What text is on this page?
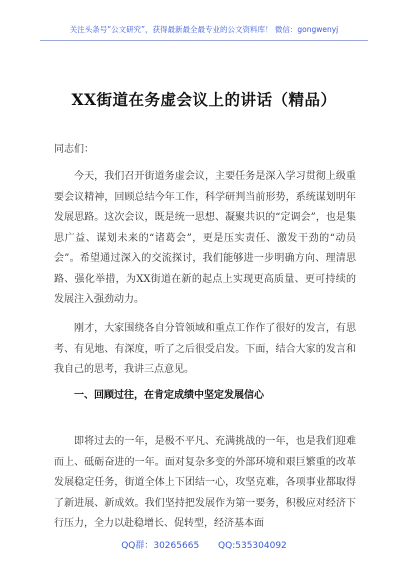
关注头条号“公文研究”，获得最新最全最专业的公文资料库！ 微信：gongwenyj
XX街道在务虚会议上的讲话（精品）

同志们：

今天，我们召开街道务虚会议，主要任务是深入学习贯彻上级重要会议精神，回顾总结今年工作，科学研判当前形势，系统谋划明年发展思路。这次会议，既是统一思想、凝聚共识的“定调会”，也是集思广益、谋划未来的“诸葛会”，更是压实责任、激发干劲的“动员会”。希望通过深入的交流探讨，我们能够进一步明确方向、理清思路、强化举措，为XX街道在新的起点上实现更高质量、更可持续的发展注入强劲动力。

刚才，大家围绕各自分管领域和重点工作作了很好的发言，有思考、有见地、有深度，听了之后很受启发。下面，结合大家的发言和我自己的思考，我讲三点意见。

一、回顾过往，在肯定成绩中坚定发展信心

即将过去的一年，是极不平凡、充满挑战的一年，也是我们迎难而上、砥砺奋进的一年。面对复杂多变的外部环境和艰巨繁重的改革发展稳定任务，街道全体上下团结一心，攻坚克难，各项事业都取得了新进展、新成效。我们坚持把发展作为第一要务，积极应对经济下行压力，全力以赴稳增长、促转型，经济基本面

QQ群：30265665 QQ:535304092
